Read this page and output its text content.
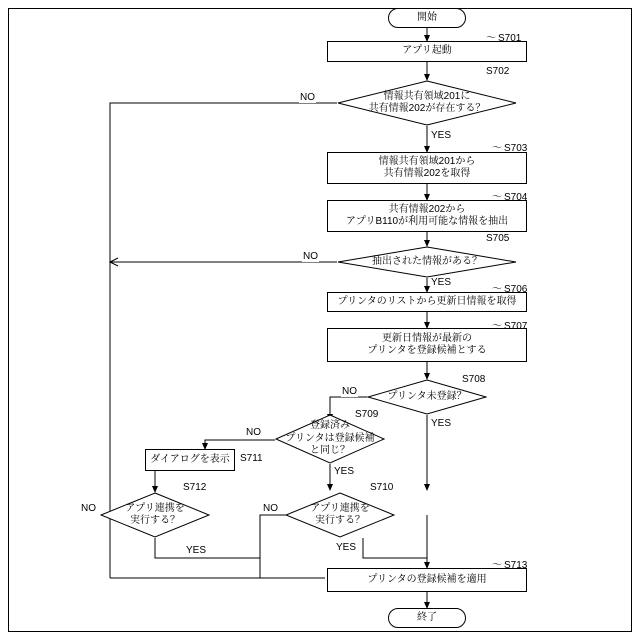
開始
アプリ起動
情報共有領域201に
共有情報202が存在する？
情報共有領域201から
共有情報202を取得
共有情報202から
アプリB110が利用可能な情報を抽出
抽出された情報がある？
プリンタのリストから更新日情報を取得
更新日情報が最新の
プリンタを登録候補とする
プリンタ未登録？
登録済み
プリンタは登録候補
と同じ？
ダイアログを表示
アプリ連携を
実行する？
アプリ連携を
実行する？
プリンタの登録候補を適用
終了
〜 S701
S702
〜 S703
〜 S704
S705
〜 S706
〜 S707
S708
S709
S711
S712	S710
〜 S713
NO
YES
NO
YES
NO
YES
NO
YES
NO
YES
NO
YES
